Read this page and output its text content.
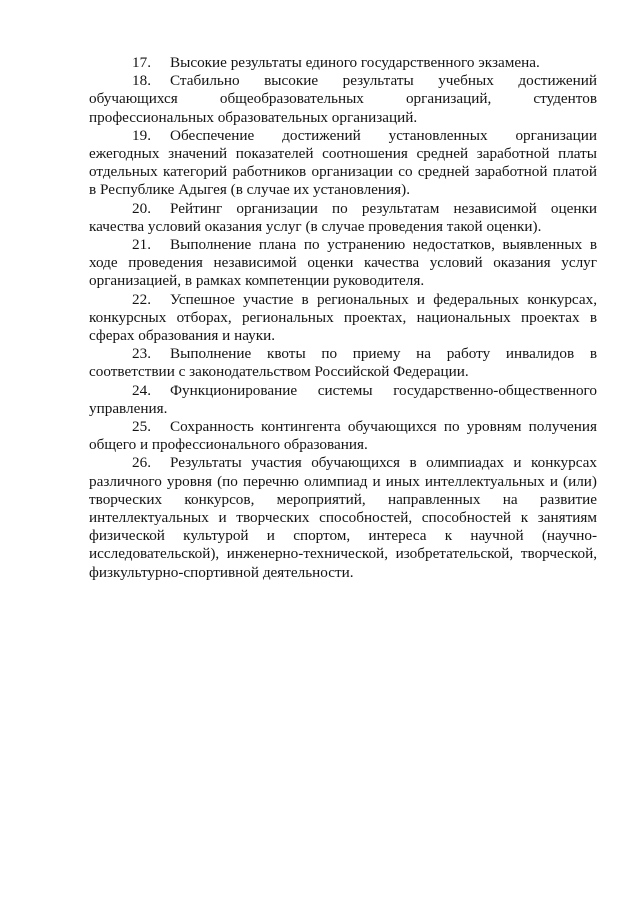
17. Высокие результаты единого государственного экзамена.

18. Стабильно высокие результаты учебных достижений обучающихся общеобразовательных организаций, студентов профессиональных образовательных организаций.

19. Обеспечение достижений установленных организации ежегодных значений показателей соотношения средней заработной платы отдельных категорий работников организации со средней заработной платой в Республике Адыгея (в случае их установления).

20. Рейтинг организации по результатам независимой оценки качества условий оказания услуг (в случае проведения такой оценки).

21. Выполнение плана по устранению недостатков, выявленных в ходе проведения независимой оценки качества условий оказания услуг организацией, в рамках компетенции руководителя.

22. Успешное участие в региональных и федеральных конкурсах, конкурсных отборах, региональных проектах, национальных проектах в сферах образования и науки.

23. Выполнение квоты по приему на работу инвалидов в соответствии с законодательством Российской Федерации.

24. Функционирование системы государственно-общественного управления.

25. Сохранность контингента обучающихся по уровням получения общего и профессионального образования.

26. Результаты участия обучающихся в олимпиадах и конкурсах различного уровня (по перечню олимпиад и иных интеллектуальных и (или) творческих конкурсов, мероприятий, направленных на развитие интеллектуальных и творческих способностей, способностей к занятиям физической культурой и спортом, интереса к научной (научно-исследовательской), инженерно-технической, изобретательской, творческой, физкультурно-спортивной деятельности.
